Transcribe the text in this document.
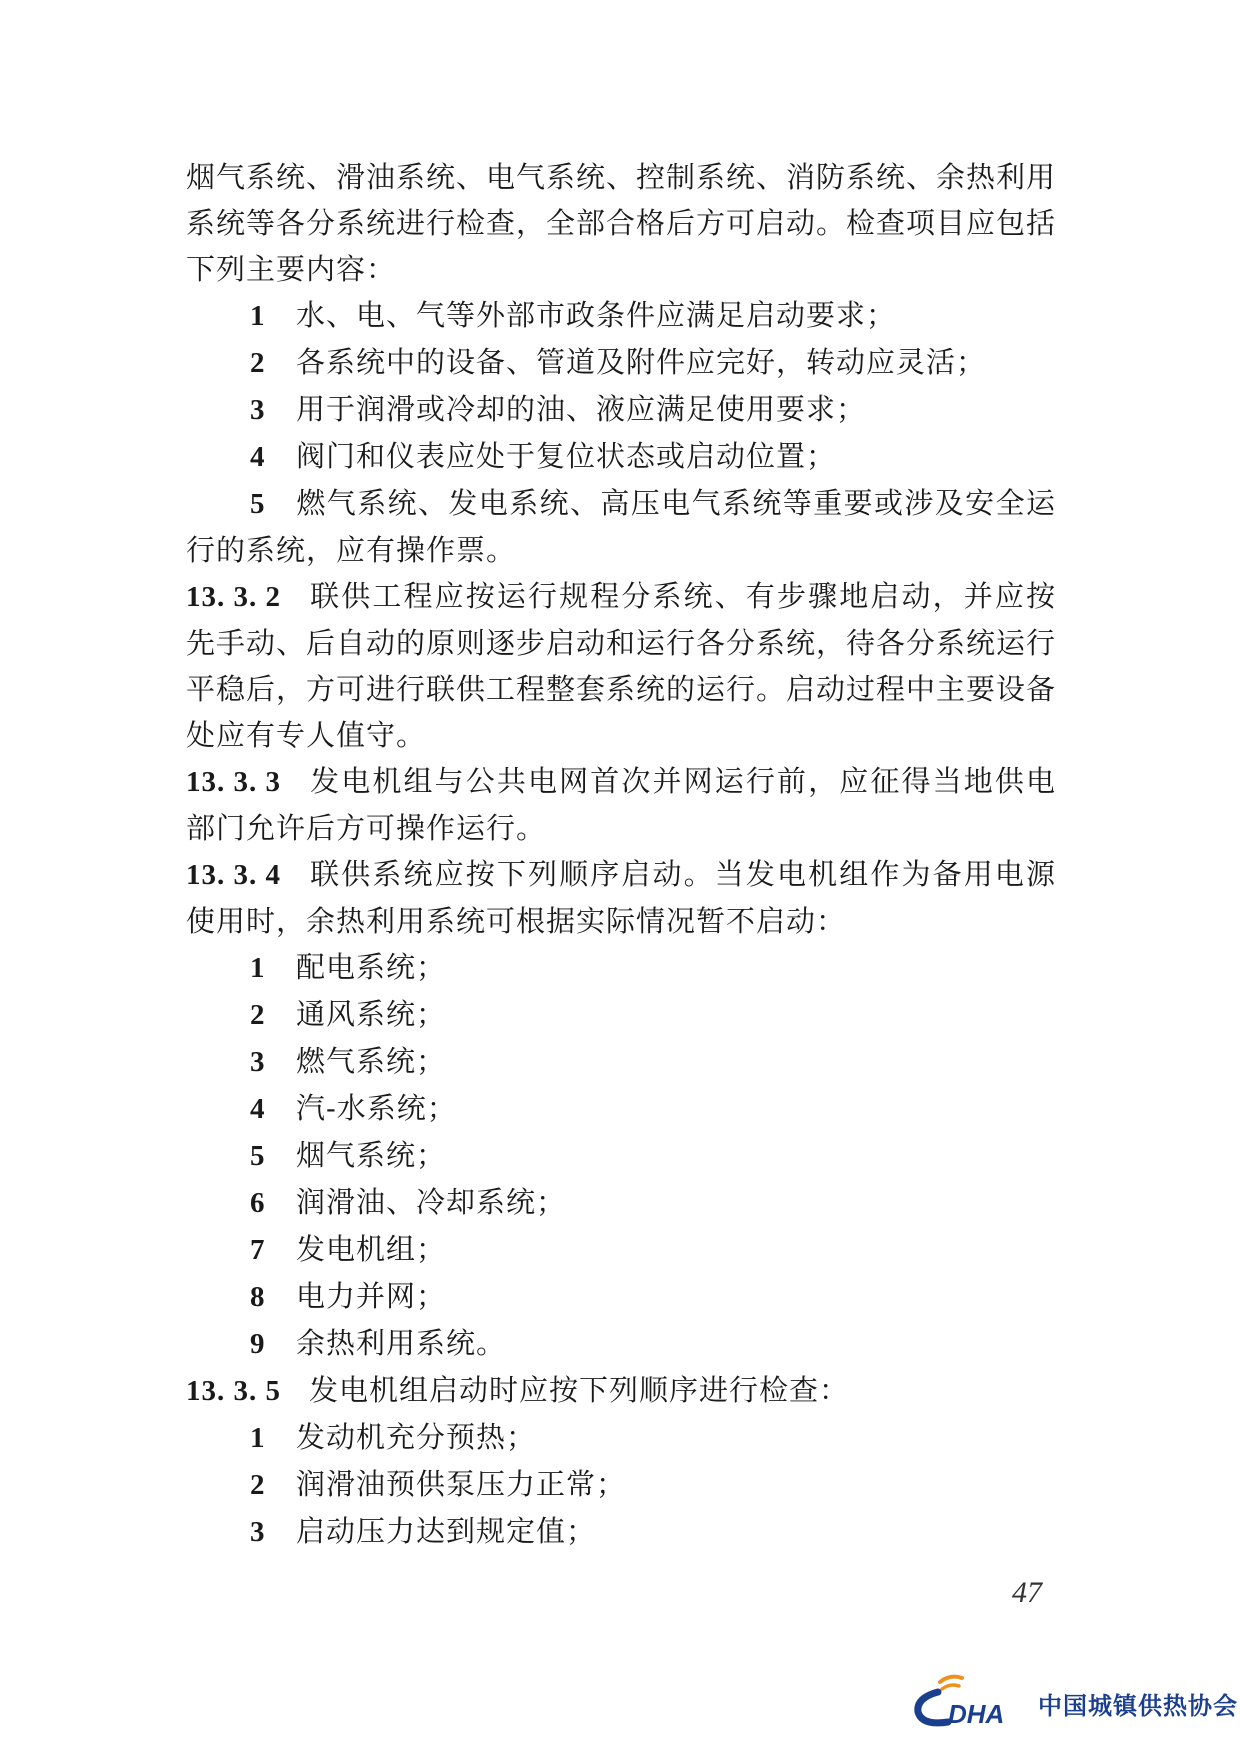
烟气系统、滑油系统、电气系统、控制系统、消防系统、余热利用系统等各分系统进行检查，全部合格后方可启动。检查项目应包括下列主要内容：

1 水、电、气等外部市政条件应满足启动要求；

2 各系统中的设备、管道及附件应完好，转动应灵活；

3 用于润滑或冷却的油、液应满足使用要求；

4 阀门和仪表应处于复位状态或启动位置；

5 燃气系统、发电系统、高压电气系统等重要或涉及安全运行的系统，应有操作票。

13. 3. 2 联供工程应按运行规程分系统、有步骤地启动，并应按先手动、后自动的原则逐步启动和运行各分系统，待各分系统运行平稳后，方可进行联供工程整套系统的运行。启动过程中主要设备处应有专人值守。

13. 3. 3 发电机组与公共电网首次并网运行前，应征得当地供电部门允许后方可操作运行。

13. 3. 4 联供系统应按下列顺序启动。当发电机组作为备用电源使用时，余热利用系统可根据实际情况暂不启动：

1 配电系统；

2 通风系统；

3 燃气系统；

4 汽-水系统；

5 烟气系统；

6 润滑油、冷却系统；

7 发电机组；

8 电力并网；

9 余热利用系统。

13. 3. 5 发电机组启动时应按下列顺序进行检查：

1 发动机充分预热；

2 润滑油预供泵压力正常；

3 启动压力达到规定值；

47
DHA 中国城镇供热协会
